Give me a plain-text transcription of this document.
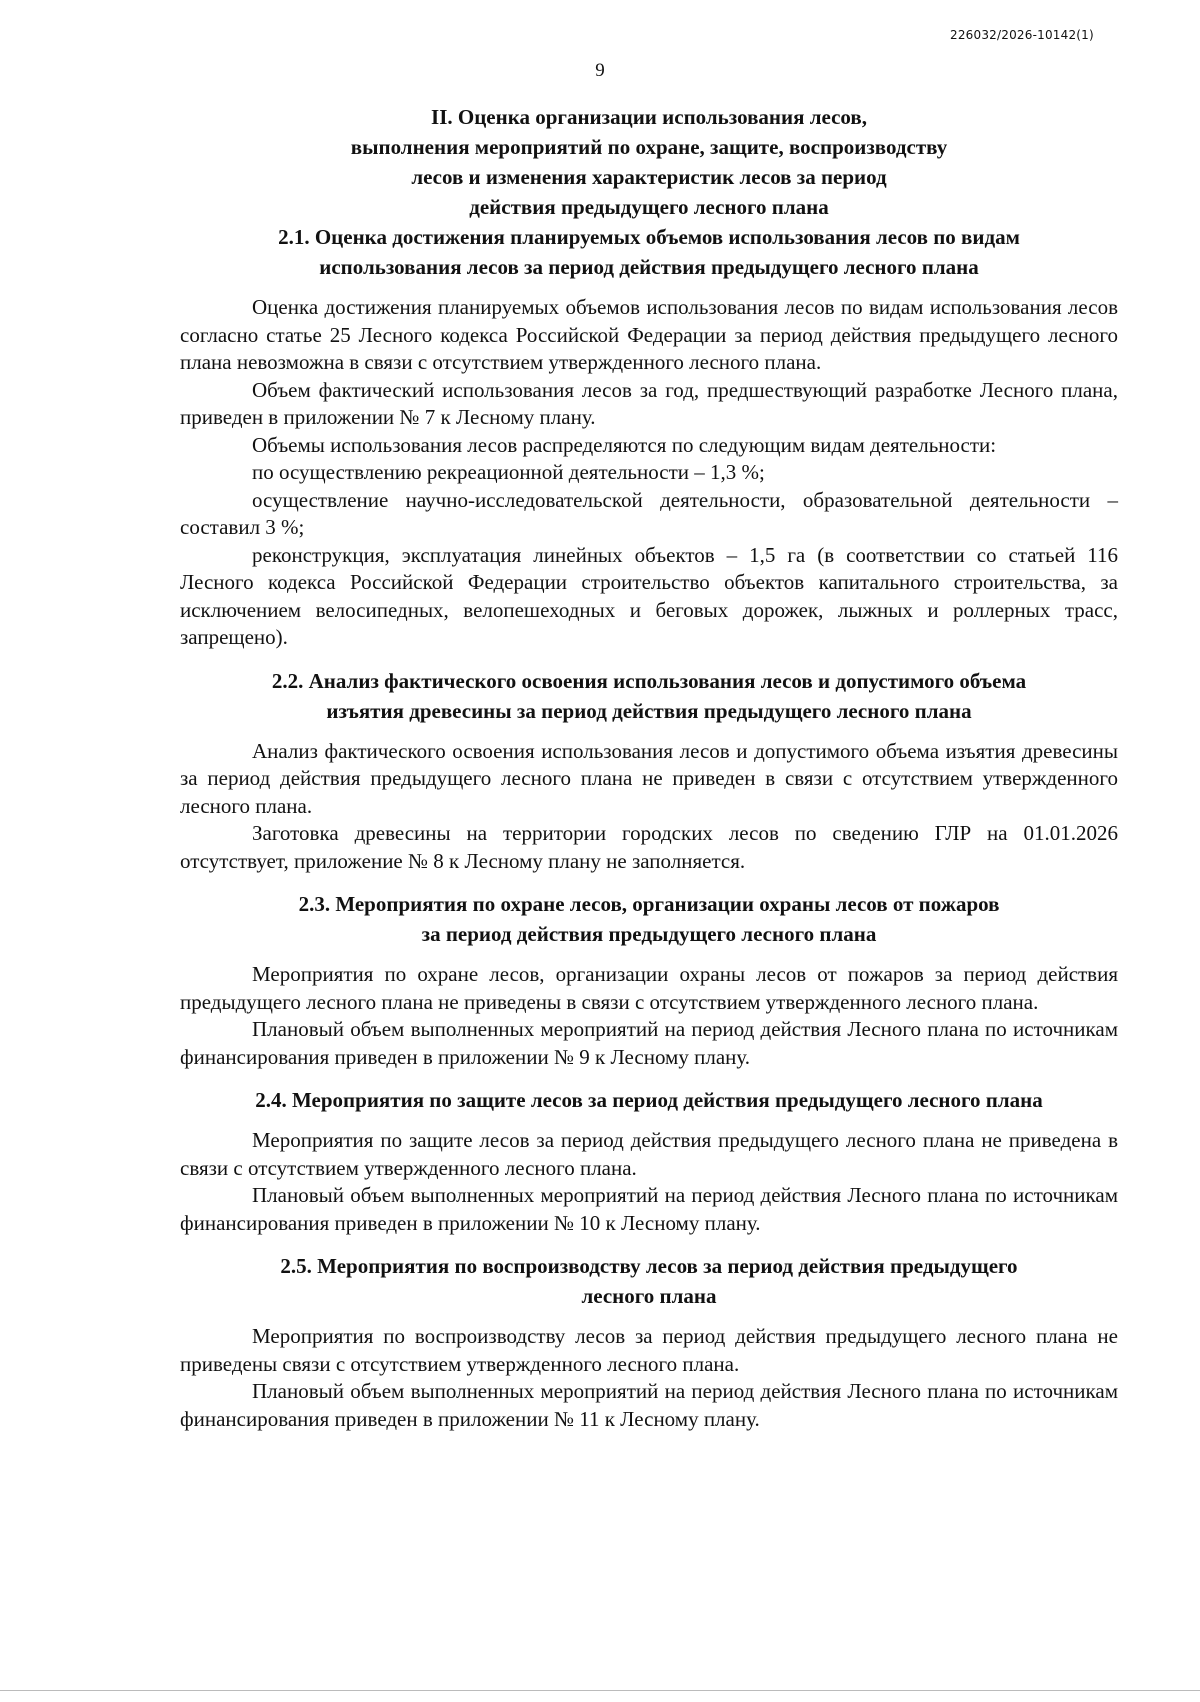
226032/2026-10142(1)
9
II. Оценка организации использования лесов,
выполнения мероприятий по охране, защите, воспроизводству
лесов и изменения характеристик лесов за период
действия предыдущего лесного плана
2.1. Оценка достижения планируемых объемов использования лесов по видам
использования лесов за период действия предыдущего лесного плана

Оценка достижения планируемых объемов использования лесов по видам использования лесов согласно статье 25 Лесного кодекса Российской Федерации за период действия предыдущего лесного плана невозможна в связи с отсутствием утвержденного лесного плана.

Объем фактический использования лесов за год, предшествующий разработке Лесного плана, приведен в приложении № 7 к Лесному плану.

Объемы использования лесов распределяются по следующим видам деятельности:

по осуществлению рекреационной деятельности – 1,3 %;

осуществление научно-исследовательской деятельности, образовательной деятельности – составил 3 %;

реконструкция, эксплуатация линейных объектов – 1,5 га (в соответствии со статьей 116 Лесного кодекса Российской Федерации строительство объектов капитального строительства, за исключением велосипедных, велопешеходных и беговых дорожек, лыжных и роллерных трасс, запрещено).

2.2. Анализ фактического освоения использования лесов и допустимого объема
изъятия древесины за период действия предыдущего лесного плана

Анализ фактического освоения использования лесов и допустимого объема изъятия древесины за период действия предыдущего лесного плана не приведен в связи с отсутствием утвержденного лесного плана.

Заготовка древесины на территории городских лесов по сведению ГЛР на 01.01.2026 отсутствует, приложение № 8 к Лесному плану не заполняется.

2.3. Мероприятия по охране лесов, организации охраны лесов от пожаров
за период действия предыдущего лесного плана

Мероприятия по охране лесов, организации охраны лесов от пожаров за период действия предыдущего лесного плана не приведены в связи с отсутствием утвержденного лесного плана.

Плановый объем выполненных мероприятий на период действия Лесного плана по источникам финансирования приведен в приложении № 9 к Лесному плану.

2.4. Мероприятия по защите лесов за период действия предыдущего лесного плана

Мероприятия по защите лесов за период действия предыдущего лесного плана не приведена в связи с отсутствием утвержденного лесного плана.

Плановый объем выполненных мероприятий на период действия Лесного плана по источникам финансирования приведен в приложении № 10 к Лесному плану.

2.5. Мероприятия по воспроизводству лесов за период действия предыдущего
лесного плана

Мероприятия по воспроизводству лесов за период действия предыдущего лесного плана не приведены связи с отсутствием утвержденного лесного плана.

Плановый объем выполненных мероприятий на период действия Лесного плана по источникам финансирования приведен в приложении № 11 к Лесному плану.
